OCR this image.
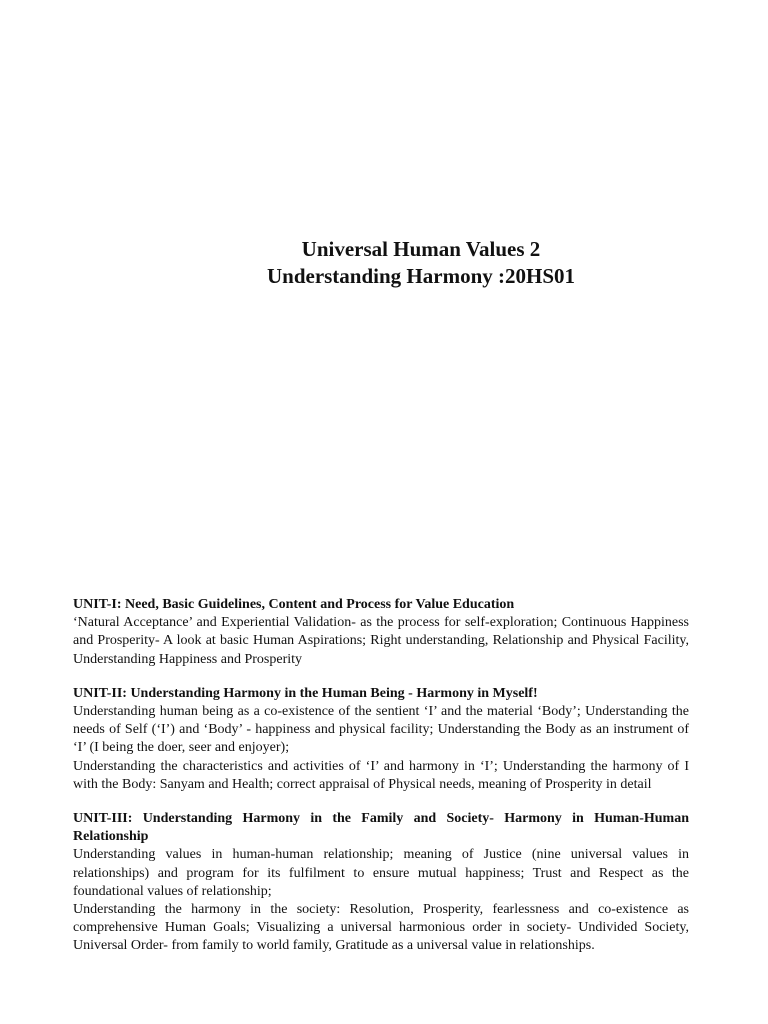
Universal Human Values 2

Understanding Harmony :20HS01

UNIT-I: Need, Basic Guidelines, Content and Process for Value Education

‘Natural Acceptance’ and Experiential Validation- as the process for self-exploration; Continuous Happiness and Prosperity- A look at basic Human Aspirations; Right understanding, Relationship and Physical Facility, Understanding Happiness and Prosperity

UNIT-II: Understanding Harmony in the Human Being - Harmony in Myself!

Understanding human being as a co-existence of the sentient ‘I’ and the material ‘Body’; Understanding the needs of Self (‘I’) and ‘Body’ - happiness and physical facility; Understanding the Body as an instrument of ‘I’ (I being the doer, seer and enjoyer);

Understanding the characteristics and activities of ‘I’ and harmony in ‘I’; Understanding the harmony of I with the Body: Sanyam and Health; correct appraisal of Physical needs, meaning of Prosperity in detail

UNIT-III: Understanding Harmony in the Family and Society- Harmony in Human-Human Relationship

Understanding values in human-human relationship; meaning of Justice (nine universal values in relationships) and program for its fulfilment to ensure mutual happiness; Trust and Respect as the foundational values of relationship;

Understanding the harmony in the society: Resolution, Prosperity, fearlessness and co-existence as comprehensive Human Goals; Visualizing a universal harmonious order in society- Undivided Society, Universal Order- from family to world family, Gratitude as a universal value in relationships.
